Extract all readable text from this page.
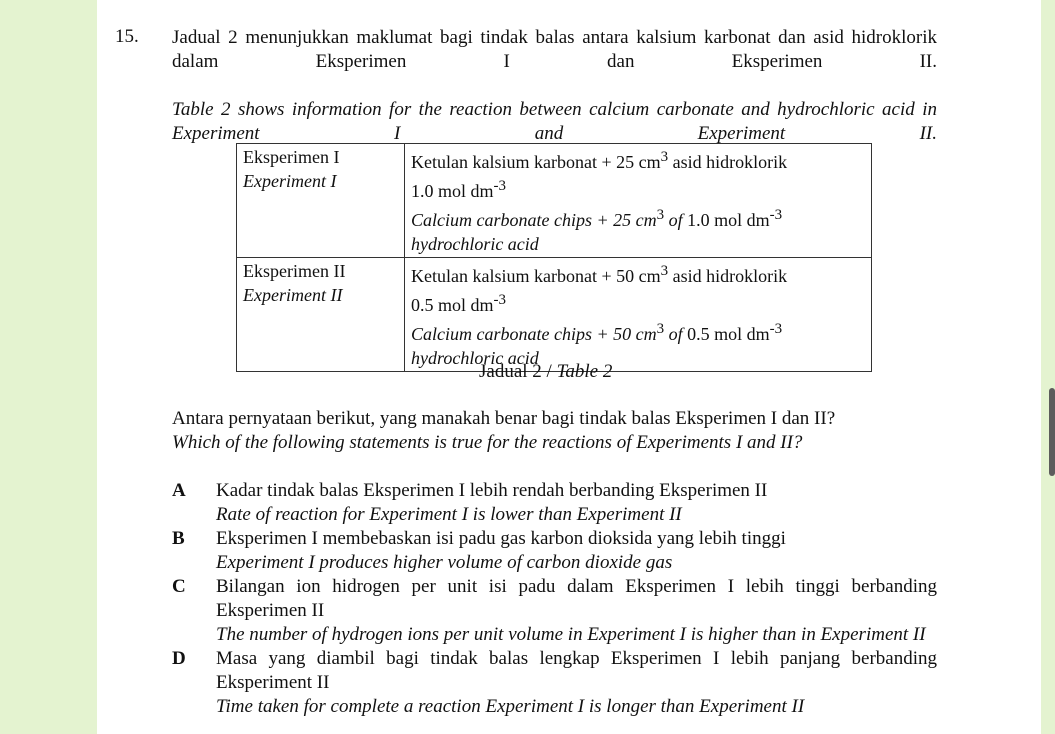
15. Jadual 2 menunjukkan maklumat bagi tindak balas antara kalsium karbonat dan asid hidroklorik dalam Eksperimen I dan Eksperimen II.

Table 2 shows information for the reaction between calcium carbonate and hydrochloric acid in Experiment I and Experiment II.

Eksperimen I
Experiment I	Ketulan kalsium karbonat + 25 $cm^3$ asid hidroklorik
1.0 mol $dm^{-3}$
Calcium carbonate chips + 25 $cm^3$ of 1.0 mol $dm^{-3}$
hydrochloric acid
Eksperimen II
Experiment II	Ketulan kalsium karbonat + 50 $cm^3$ asid hidroklorik
0.5 mol $dm^{-3}$
Calcium carbonate chips + 50 $cm^3$ of 0.5 mol $dm^{-3}$
hydrochloric acid
Jadual 2 / Table 2

Antara pernyataan berikut, yang manakah benar bagi tindak balas Eksperimen I dan II?

Which of the following statements is true for the reactions of Experiments I and II?

A Kadar tindak balas Eksperimen I lebih rendah berbanding Eksperimen II

Rate of reaction for Experiment I is lower than Experiment II

B Eksperimen I membebaskan isi padu gas karbon dioksida yang lebih tinggi

Experiment I produces higher volume of carbon dioxide gas

C Bilangan ion hidrogen per unit isi padu dalam Eksperimen I lebih tinggi berbanding Eksperimen II

The number of hydrogen ions per unit volume in Experiment I is higher than in Experiment II

D Masa yang diambil bagi tindak balas lengkap Eksperimen I lebih panjang berbanding Eksperiment II

Time taken for complete a reaction Experiment I is longer than Experiment II
